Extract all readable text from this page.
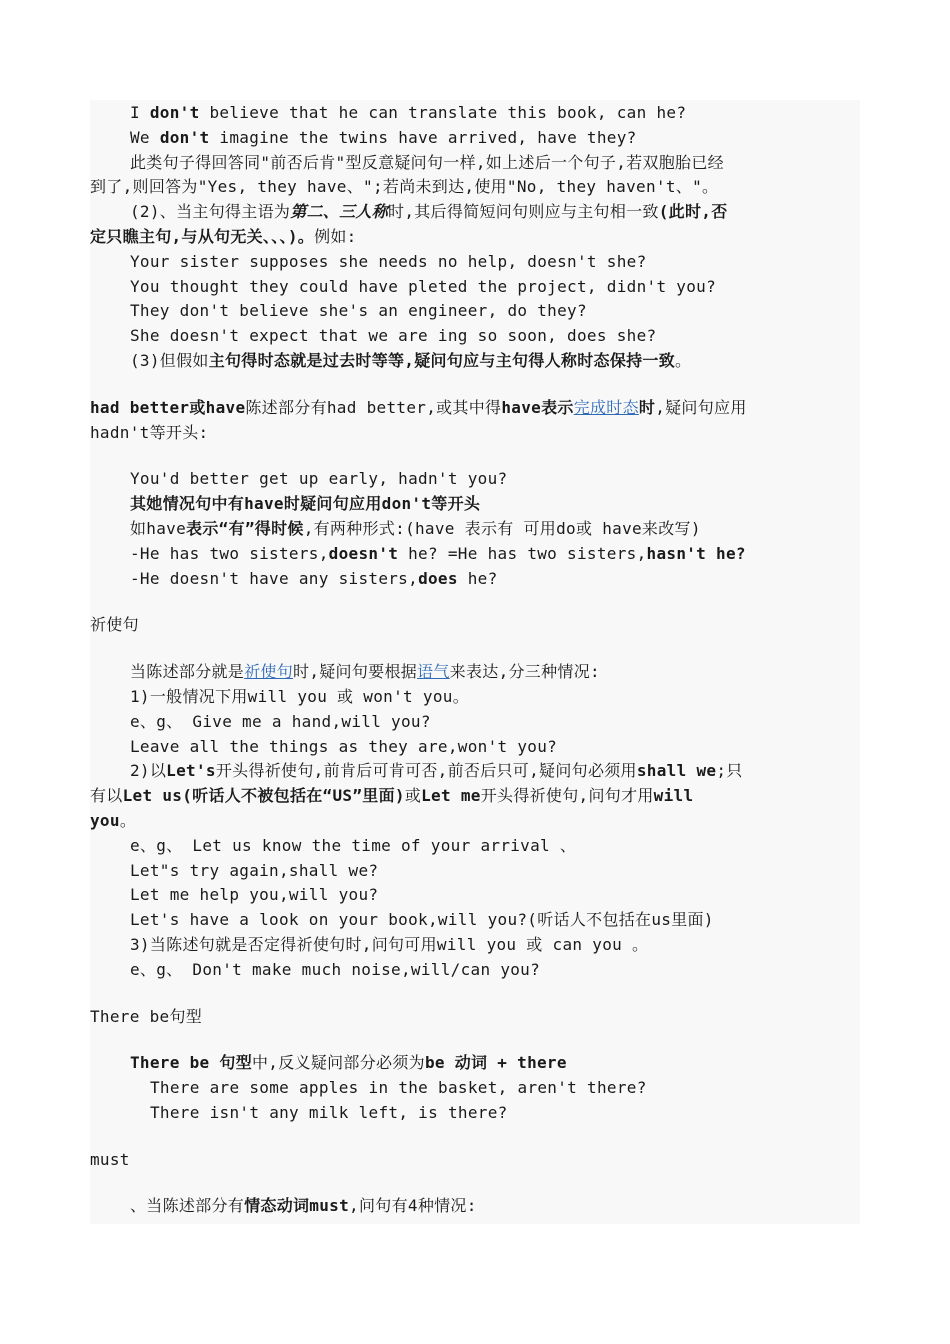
I don't believe that he can translate this book, can he?
We don't imagine the twins have arrived, have they?
此类句子得回答同"前否后肯"型反意疑问句一样,如上述后一个句子,若双胞胎已经
到了,则回答为"Yes, they have、";若尚未到达,使用"No, they haven't、"。
(2)、当主句得主语为第二、三人称时,其后得简短问句则应与主句相一致(此时,否
定只瞧主句,与从句无关、、、)。例如:
Your sister supposes she needs no help, doesn't she?
You thought they could have pleted the project, didn't you?
They don't believe she's an engineer, do they?
She doesn't expect that we are ing so soon, does she?
(3)但假如主句得时态就是过去时等等,疑问句应与主句得人称时态保持一致。
had better或have陈述部分有had better,或其中得have表示完成时态时,疑问句应用
hadn't等开头:
You'd better get up early, hadn't you?
其她情况句中有have时疑问句应用don't等开头
如have表示“有”得时候,有两种形式:(have 表示有 可用do或 have来改写)
-He has two sisters,doesn't he? =He has two sisters,hasn't he?
-He doesn't have any sisters,does he?
祈使句
当陈述部分就是祈使句时,疑问句要根据语气来表达,分三种情况:
1)一般情况下用will you 或 won't you。
e、g、 Give me a hand,will you?
Leave all the things as they are,won't you?
2)以Let's开头得祈使句,前肯后可肯可否,前否后只可,疑问句必须用shall we;只
有以Let us(听话人不被包括在“US”里面)或Let me开头得祈使句,问句才用will
you。
e、g、 Let us know the time of your arrival 、
Let"s try again,shall we?
Let me help you,will you?
Let's have a look on your book,will you?(听话人不包括在us里面)
3)当陈述句就是否定得祈使句时,问句可用will you 或 can you 。
e、g、 Don't make much noise,will/can you?
There be句型
There be 句型中,反义疑问部分必须为be 动词 + there
There are some apples in the basket, aren't there?
There isn't any milk left, is there?
must
、当陈述部分有情态动词must,问句有4种情况:
